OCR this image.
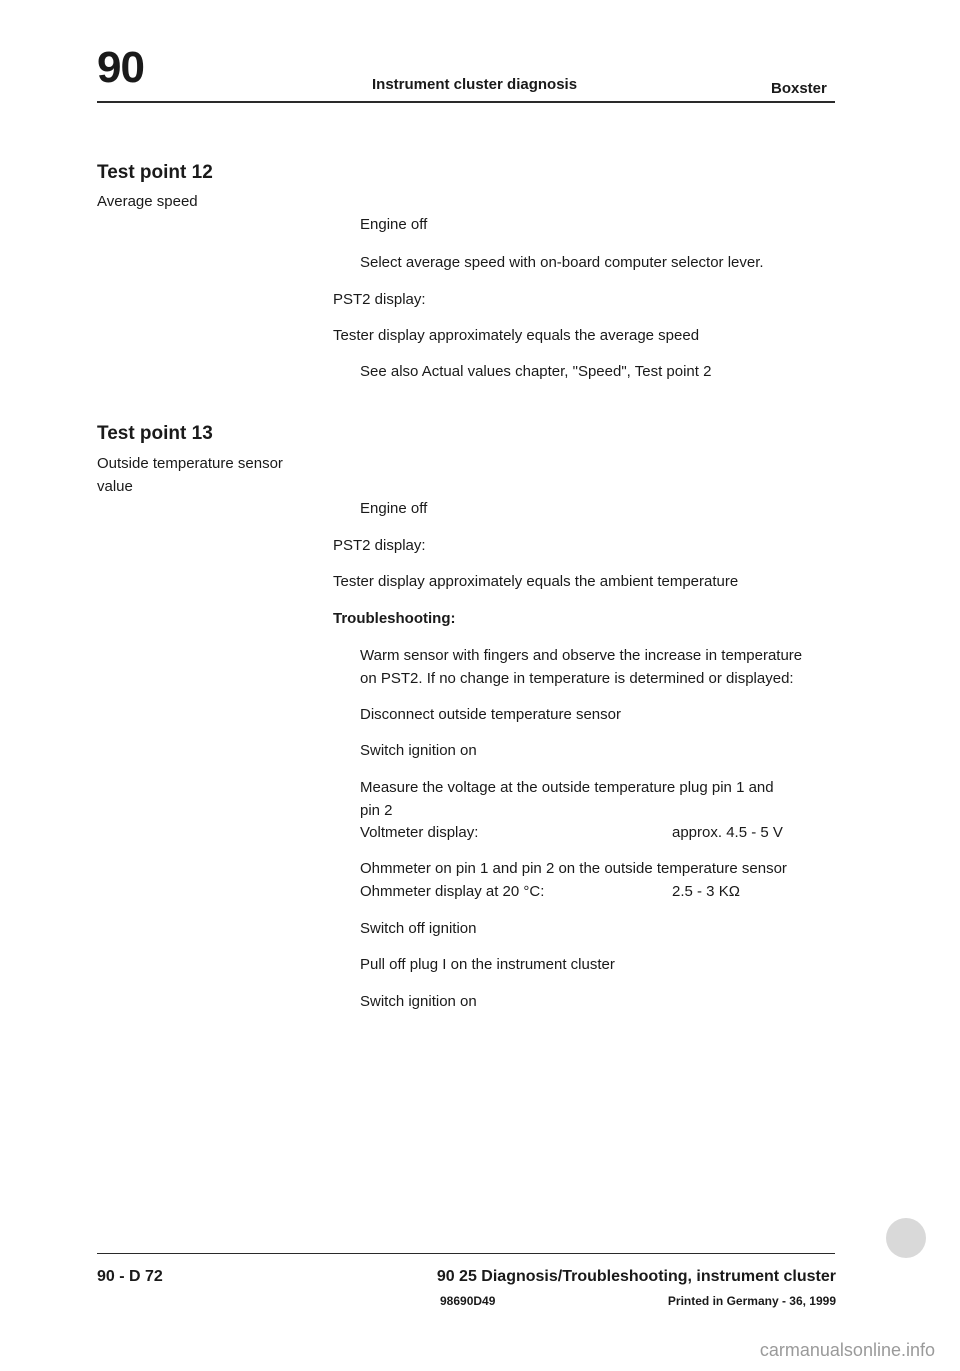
90	Instrument cluster diagnosis	Boxster
Test point 12
Average speed
Engine off
Select average speed with on-board computer selector lever.
PST2 display:
Tester display approximately equals the average speed
See also Actual values chapter, "Speed", Test point 2
Test point 13
Outside temperature sensor value
Engine off
PST2 display:
Tester display approximately equals the ambient temperature
Troubleshooting:
Warm sensor with fingers and observe the increase in temperature
on PST2. If no change in temperature is determined or displayed:
Disconnect outside temperature sensor
Switch ignition on
Measure the voltage at the outside temperature plug pin 1 and
pin 2
Voltmeter display:	approx. 4.5 - 5 V
Ohmmeter on pin 1 and pin 2 on the outside temperature sensor
Ohmmeter display at 20 °C:	2.5 - 3 KΩ
Switch off ignition
Pull off plug I on the instrument cluster
Switch ignition on
90 - D 72	90 25 Diagnosis/Troubleshooting, instrument cluster
98690D49	Printed in Germany - 36, 1999
carmanualsonline.info
